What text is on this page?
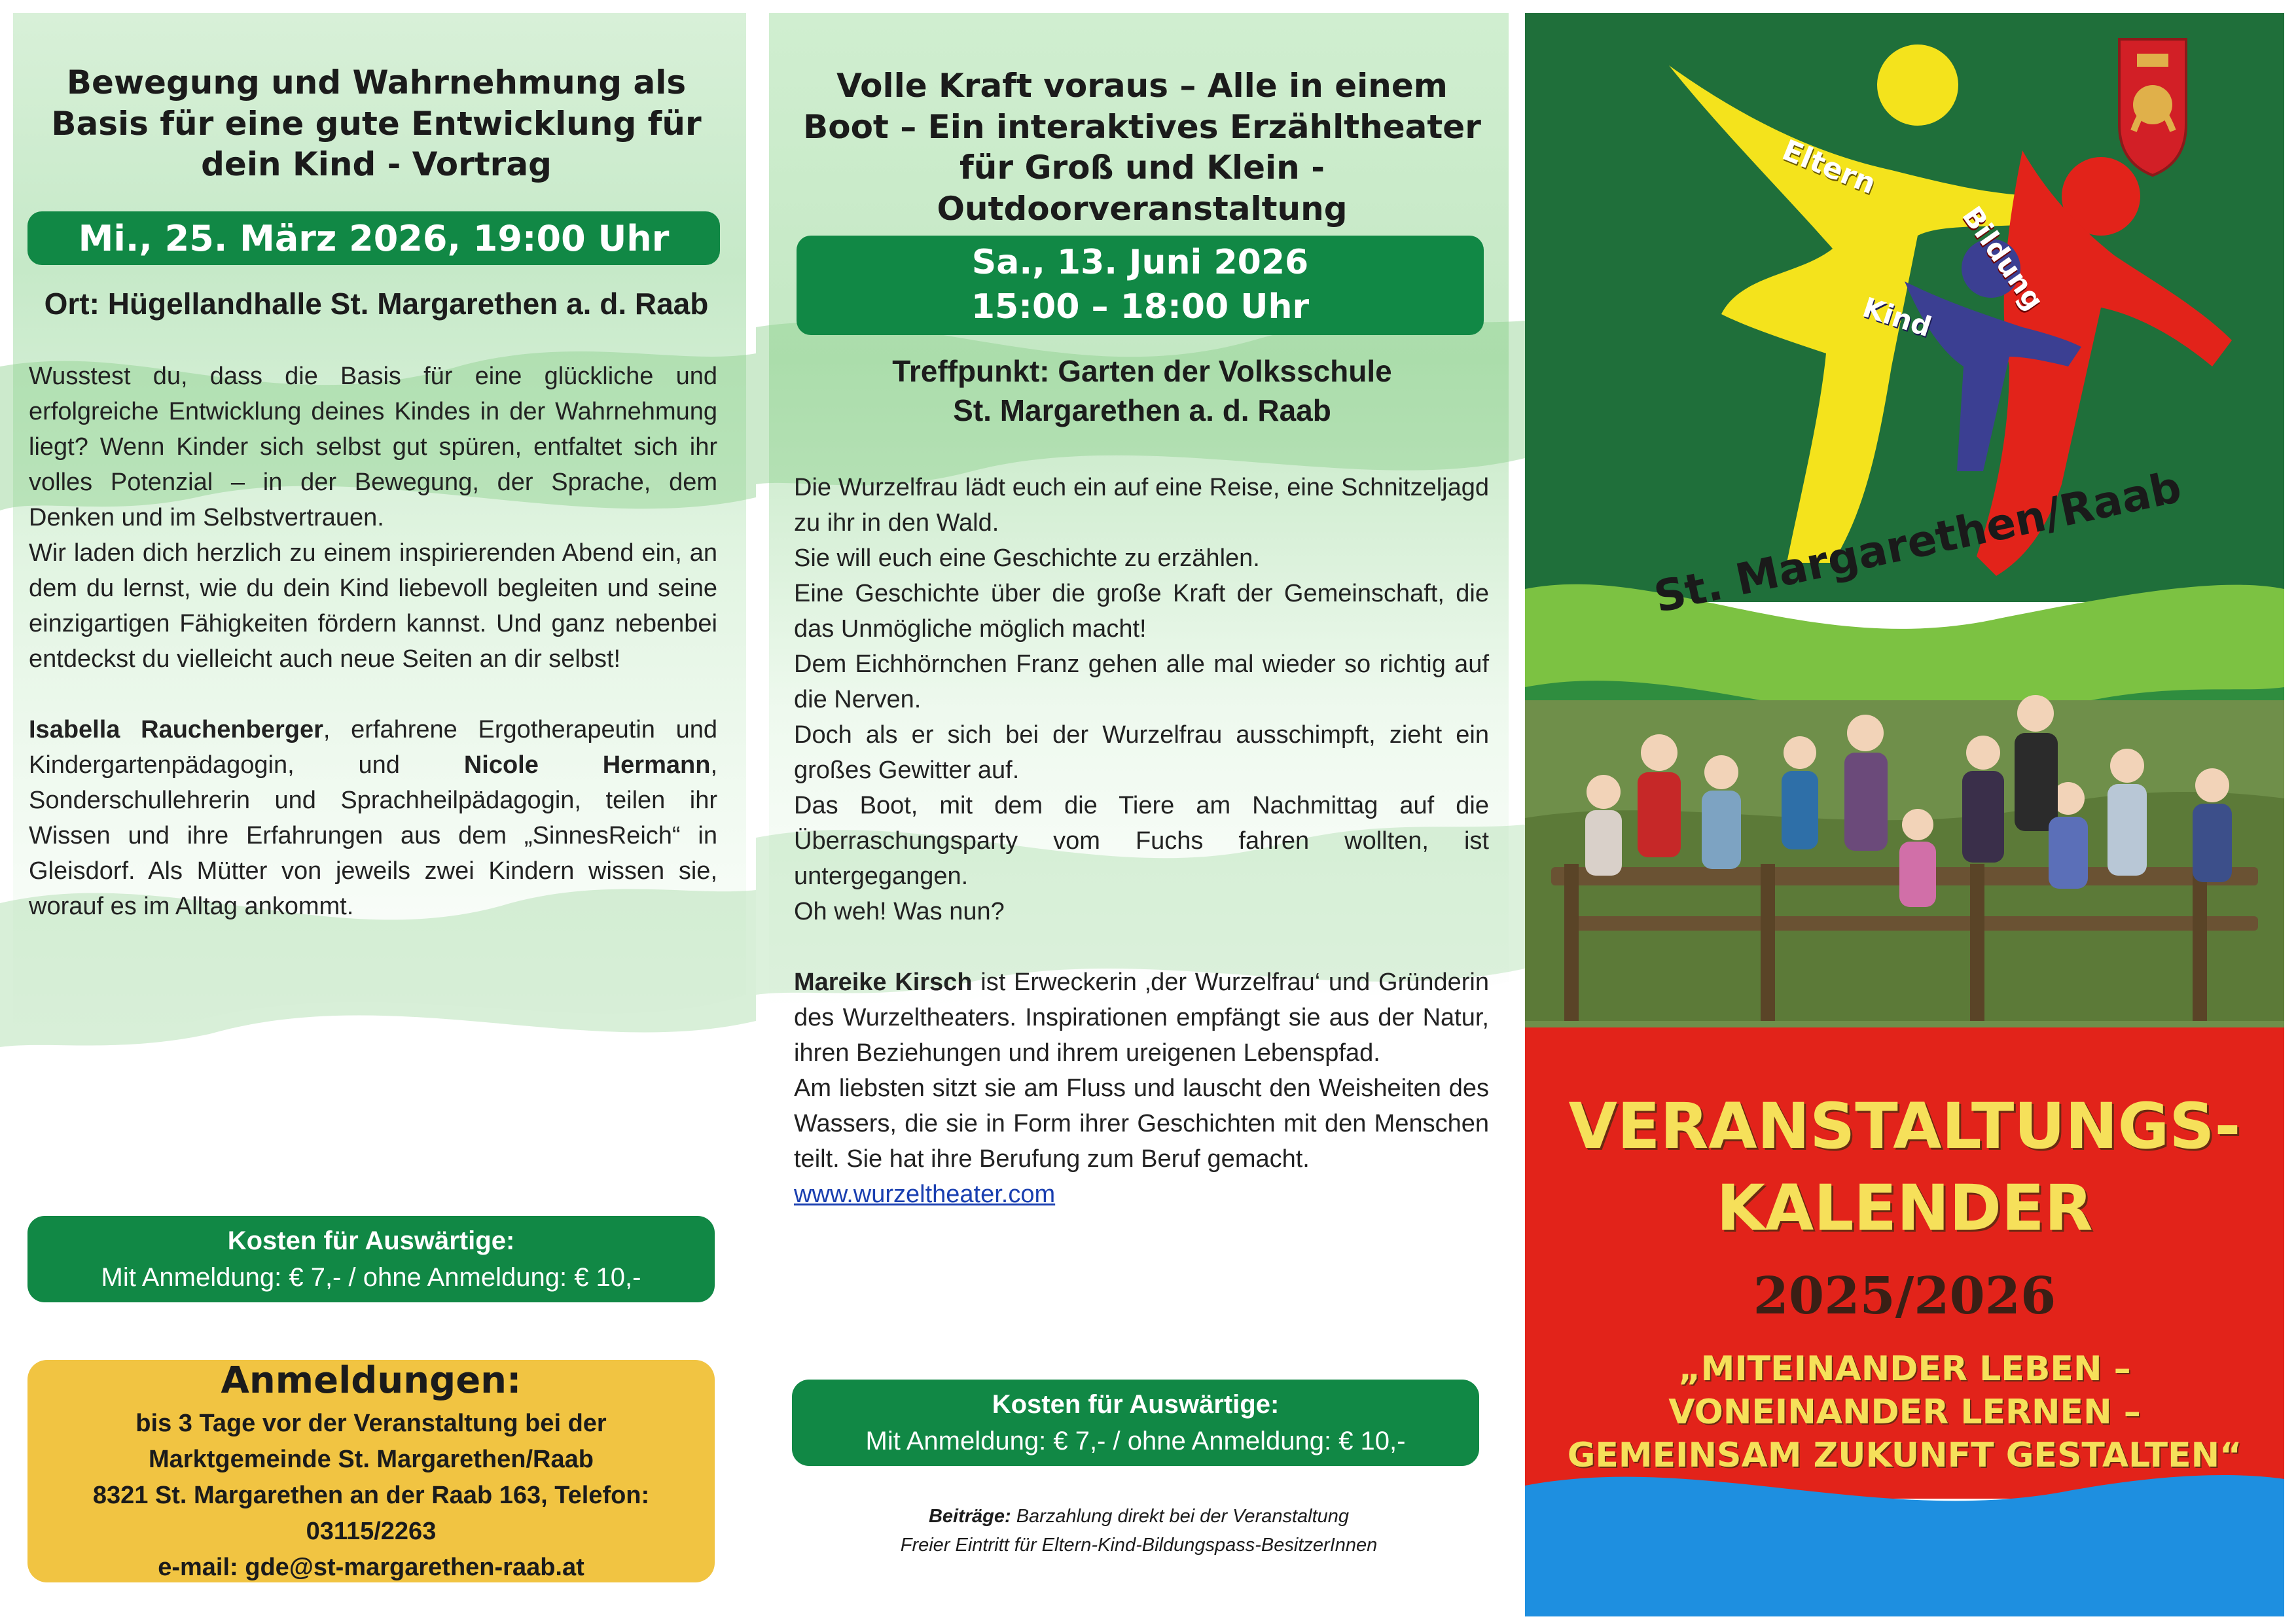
Bewegung und Wahrnehmung als Basis für eine gute Entwicklung für dein Kind - Vortrag
Mi., 25. März 2026, 19:00 Uhr
Ort: Hügellandhalle St. Margarethen a. d. Raab

Wusstest du, dass die Basis für eine glückliche und erfolgreiche Entwicklung deines Kindes in der Wahrnehmung liegt? Wenn Kinder sich selbst gut spüren, entfaltet sich ihr volles Potenzial – in der Bewegung, der Sprache, dem Denken und im Selbstvertrauen.

Wir laden dich herzlich zu einem inspirierenden Abend ein, an dem du lernst, wie du dein Kind liebevoll begleiten und seine einzigartigen Fähigkeiten fördern kannst. Und ganz nebenbei entdeckst du vielleicht auch neue Seiten an dir selbst!

Isabella Rauchenberger, erfahrene Ergotherapeutin und Kindergartenpädagogin, und Nicole Hermann, Sonderschullehrerin und Sprachheilpädagogin, teilen ihr Wissen und ihre Erfahrungen aus dem „SinnesReich“ in Gleisdorf. Als Mütter von jeweils zwei Kindern wissen sie, worauf es im Alltag ankommt.

Kosten für Auswärtige:
Mit Anmeldung: € 7,- / ohne Anmeldung: € 10,-
Anmeldungen:
bis 3 Tage vor der Veranstaltung bei der
Marktgemeinde St. Margarethen/Raab
8321 St. Margarethen an der Raab 163, Telefon: 03115/2263
e-mail: gde@st-margarethen-raab.at
Volle Kraft voraus – Alle in einem Boot – Ein interaktives Erzähltheater für Groß und Klein - Outdoorveranstaltung
Sa., 13. Juni 2026
15:00 – 18:00 Uhr
Treffpunkt: Garten der Volksschule
St. Margarethen a. d. Raab

Die Wurzelfrau lädt euch ein auf eine Reise, eine Schnitzeljagd zu ihr in den Wald.

Sie will euch eine Geschichte zu erzählen.

Eine Geschichte über die große Kraft der Gemeinschaft, die das Unmögliche möglich macht!

Dem Eichhörnchen Franz gehen alle mal wieder so richtig auf die Nerven.

Doch als er sich bei der Wurzelfrau ausschimpft, zieht ein großes Gewitter auf.

Das Boot, mit dem die Tiere am Nachmittag auf die Überraschungsparty vom Fuchs fahren wollten, ist untergegangen.

Oh weh! Was nun?

Mareike Kirsch ist Erweckerin ‚der Wurzelfrau‘ und Gründerin des Wurzeltheaters. Inspirationen empfängt sie aus der Natur, ihren Beziehungen und ihrem ureigenen Lebenspfad.

Am liebsten sitzt sie am Fluss und lauscht den Weisheiten des Wassers, die sie in Form ihrer Geschichten mit den Menschen teilt. Sie hat ihre Berufung zum Beruf gemacht.

www.wurzeltheater.com

Kosten für Auswärtige:
Mit Anmeldung: € 7,- / ohne Anmeldung: € 10,-
Beiträge: Barzahlung direkt bei der Veranstaltung
Freier Eintritt für Eltern-Kind-Bildungspass-BesitzerInnen
Eltern
Bildung
Kind
St. Margarethen/Raab
VERANSTALTUNGS-
KALENDER
2025/2026
„MITEINANDER LEBEN –
VONEINANDER LERNEN –
GEMEINSAM ZUKUNFT GESTALTEN“
